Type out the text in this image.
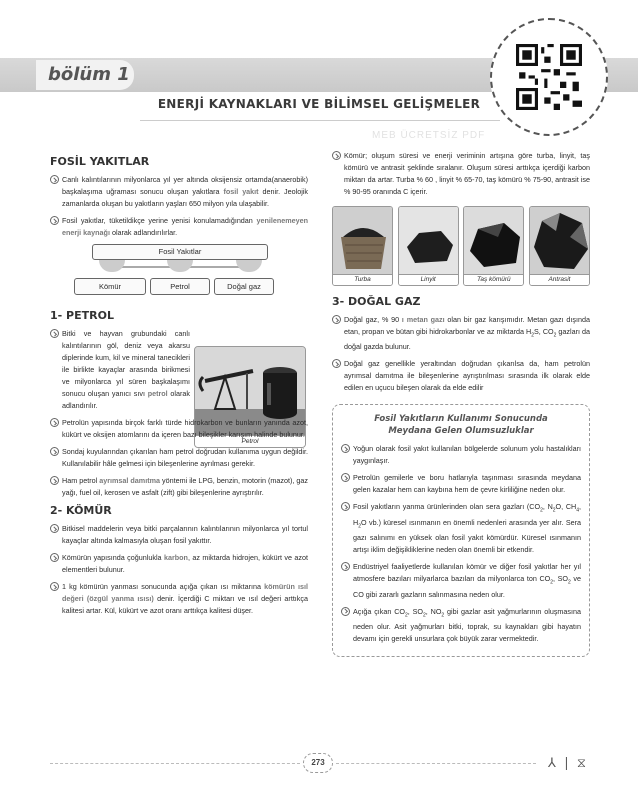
bölüm 1
ENERJİ KAYNAKLARI VE BİLİMSEL GELİŞMELER
MEB ÜCRETSİZ PDF
FOSİL YAKITLAR
Canlı kalıntılarının milyonlarca yıl yer altında oksijensiz ortamda(anaerobik) başkalaşıma uğraması sonucu oluşan yakıtlara fosil yakıt denir. Jeolojik zamanlarda oluşan bu yakıtların yaşları 650 milyon yıla ulaşabilir.
Fosil yakıtlar, tüketildikçe yerine yenisi konulamadığından yenilenemeyen enerji kaynağı olarak adlandırılırlar.
Fosil Yakıtlar
Kömür	Petrol	Doğal gaz
1- PETROL
Bitki ve hayvan grubundaki canlı kalıntılarının göl, deniz veya akarsu diplerinde kum, kil ve mineral tanecikleri ile birlikte kayaçlar arasında birikmesi ve milyonlarca yıl süren başkalaşımı sonucu oluşan yanıcı sıvı petrol olarak adlandırılır.
Petrol
Petrolün yapısında birçok farklı türde hidrokarbon ve bunların yanında azot, kükürt ve oksijen atomlarını da içeren bazı bileşikler karışım halinde bulunur.
Sondaj kuyularından çıkarılan ham petrol doğrudan kullanıma uygun değildir. Kullanılabilir hâle gelmesi için bileşenlerine ayrılması gerekir.
Ham petrol ayrımsal damıtma yöntemi ile LPG, benzin, motorin (mazot), gaz yağı, fuel oil, kerosen ve asfalt (zift) gibi bileşenlerine ayrıştırılır.
2- KÖMÜR
Bitkisel maddelerin veya bitki parçalarının kalıntılarının milyonlarca yıl tortul kayaçlar altında kalmasıyla oluşan fosil yakıttır.
Kömürün yapısında çoğunlukla karbon, az miktarda hidrojen, kükürt ve azot elementleri bulunur.
1 kg kömürün yanması sonucunda açığa çıkan ısı miktarına kömürün ısıl değeri (özgül yanma ısısı) denir. İçerdiği C miktarı ve ısıl değeri arttıkça kalitesi artar. Kül, kükürt ve azot oranı arttıkça kalitesi düşer.
Kömür; oluşum süresi ve enerji veriminin artışına göre turba, linyit, taş kömürü ve antrasit şeklinde sıralanır. Oluşum süresi arttıkça içerdiği karbon miktarı da artar. Turba % 60 , linyit % 65-70, taş kömürü % 75-90, antrasit ise % 90-95 oranında C içerir.
Turba	Linyit	Taş kömürü	Antrasit
3- DOĞAL GAZ
Doğal gaz, % 90 ı metan gazı olan bir gaz karışımıdır. Metan gazı dışında etan, propan ve bütan gibi hidrokarbonlar ve az miktarda $H_2S$, $CO_2$ gazları da doğal gazda bulunur.
Doğal gaz genellikle yeraltından doğrudan çıkarılsa da, ham petrolün ayrımsal damıtma ile bileşenlerine ayrıştırılması sırasında ilk olarak elde edilen en uçucu bileşen olarak da elde edilir
Fosil Yakıtların Kullanımı Sonucunda
Meydana Gelen Olumsuzluklar
Yoğun olarak fosil yakıt kullanılan bölgelerde solunum yolu hastalıkları yaygınlaşır.
Petrolün gemilerle ve boru hatlarıyla taşınması sırasında meydana gelen kazalar hem can kaybına hem de çevre kirliliğine neden olur.
Fosil yakıtların yanma ürünlerinden olan sera gazları ($CO_2$, $N_2O$, $CH_4$, $H_2O$ vb.) küresel ısınmanın en önemli nedenleri arasında yer alır. Sera gazı salınımı en yüksek olan fosil yakıt kömürdür. Küresel ısınmanın artışı iklim değişikliklerine neden olan önemli bir etkendir.
Endüstriyel faaliyetlerde kullanılan kömür ve diğer fosil yakıtlar her yıl atmosfere bazıları milyarlarca bazıları da milyonlarca ton $CO_2$, $SO_2$ ve CO gibi zararlı gazların salınmasına neden olur.
Açığa çıkan $CO_2$, $SO_2$, $NO_2$ gibi gazlar asit yağmurlarının oluşmasına neden olur. Asit yağmurları bitki, toprak, su kaynakları gibi hayatın devamı için gerekli unsurlara çok büyük zarar vermektedir.
273	⅄  |  ⧖
